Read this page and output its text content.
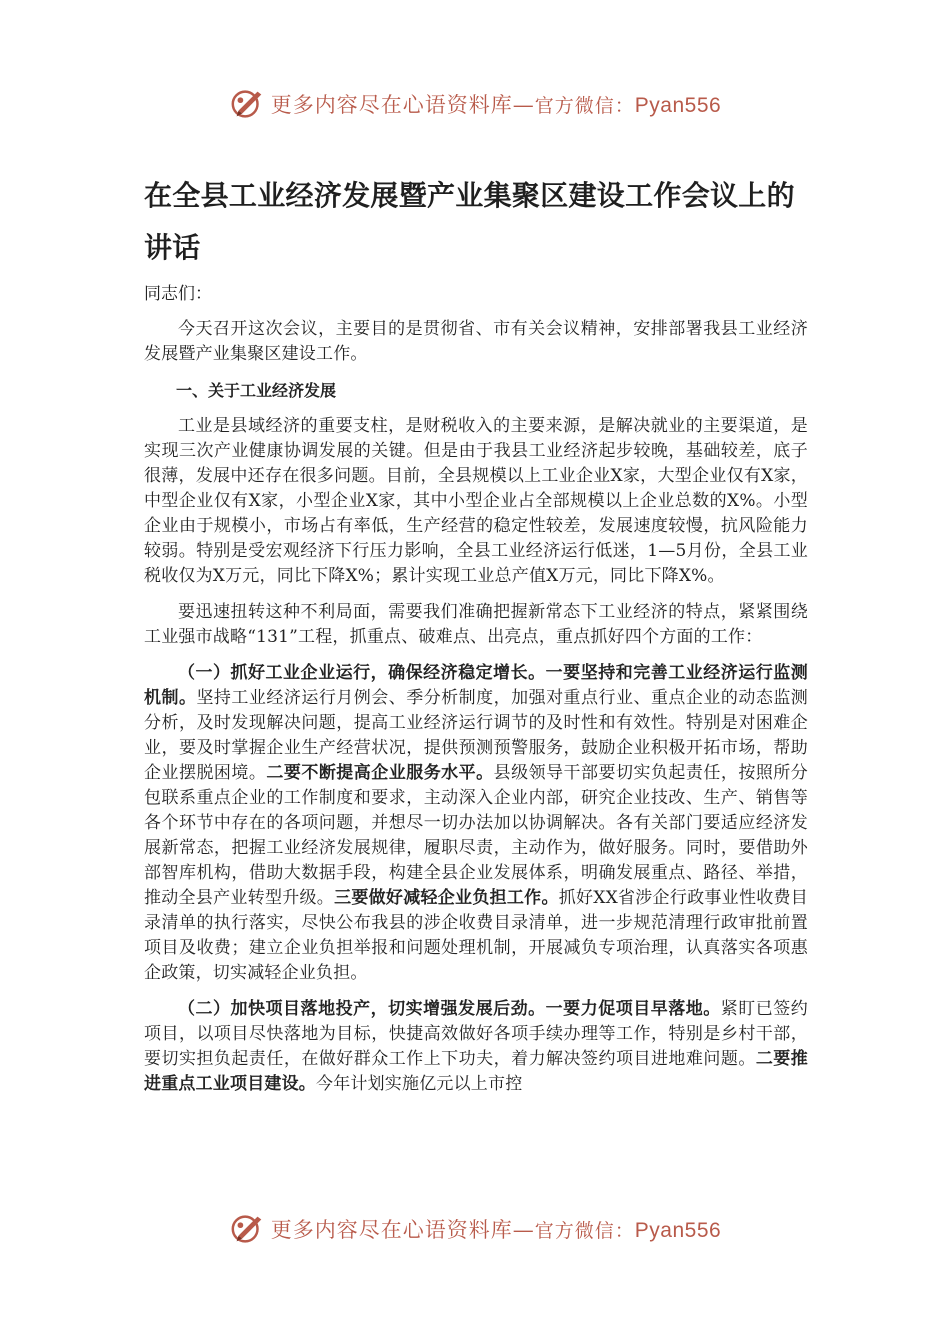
更多内容尽在心语资料库—官方微信：Pyan556
在全县工业经济发展暨产业集聚区建设工作会议上的讲话
同志们：

今天召开这次会议，主要目的是贯彻省、市有关会议精神，安排部署我县工业经济发展暨产业集聚区建设工作。

一、关于工业经济发展

工业是县域经济的重要支柱，是财税收入的主要来源，是解决就业的主要渠道，是实现三次产业健康协调发展的关键。但是由于我县工业经济起步较晚，基础较差，底子很薄，发展中还存在很多问题。目前，全县规模以上工业企业X家，大型企业仅有X家，中型企业仅有X家，小型企业X家，其中小型企业占全部规模以上企业总数的X%。小型企业由于规模小，市场占有率低，生产经营的稳定性较差，发展速度较慢，抗风险能力较弱。特别是受宏观经济下行压力影响，全县工业经济运行低迷，1—5月份，全县工业税收仅为X万元，同比下降X%；累计实现工业总产值X万元，同比下降X%。

要迅速扭转这种不利局面，需要我们准确把握新常态下工业经济的特点，紧紧围绕工业强市战略“131”工程，抓重点、破难点、出亮点，重点抓好四个方面的工作：

（一）抓好工业企业运行，确保经济稳定增长。一要坚持和完善工业经济运行监测机制。坚持工业经济运行月例会、季分析制度，加强对重点行业、重点企业的动态监测分析，及时发现解决问题，提高工业经济运行调节的及时性和有效性。特别是对困难企业，要及时掌握企业生产经营状况，提供预测预警服务，鼓励企业积极开拓市场，帮助企业摆脱困境。二要不断提高企业服务水平。县级领导干部要切实负起责任，按照所分包联系重点企业的工作制度和要求，主动深入企业内部，研究企业技改、生产、销售等各个环节中存在的各项问题，并想尽一切办法加以协调解决。各有关部门要适应经济发展新常态，把握工业经济发展规律，履职尽责，主动作为，做好服务。同时，要借助外部智库机构，借助大数据手段，构建全县企业发展体系，明确发展重点、路径、举措，推动全县产业转型升级。三要做好减轻企业负担工作。抓好XX省涉企行政事业性收费目录清单的执行落实，尽快公布我县的涉企收费目录清单，进一步规范清理行政审批前置项目及收费；建立企业负担举报和问题处理机制，开展减负专项治理，认真落实各项惠企政策，切实减轻企业负担。

（二）加快项目落地投产，切实增强发展后劲。一要力促项目早落地。紧盯已签约项目，以项目尽快落地为目标，快捷高效做好各项手续办理等工作，特别是乡村干部，要切实担负起责任，在做好群众工作上下功夫，着力解决签约项目进地难问题。二要推进重点工业项目建设。今年计划实施亿元以上市控

更多内容尽在心语资料库—官方微信：Pyan556
